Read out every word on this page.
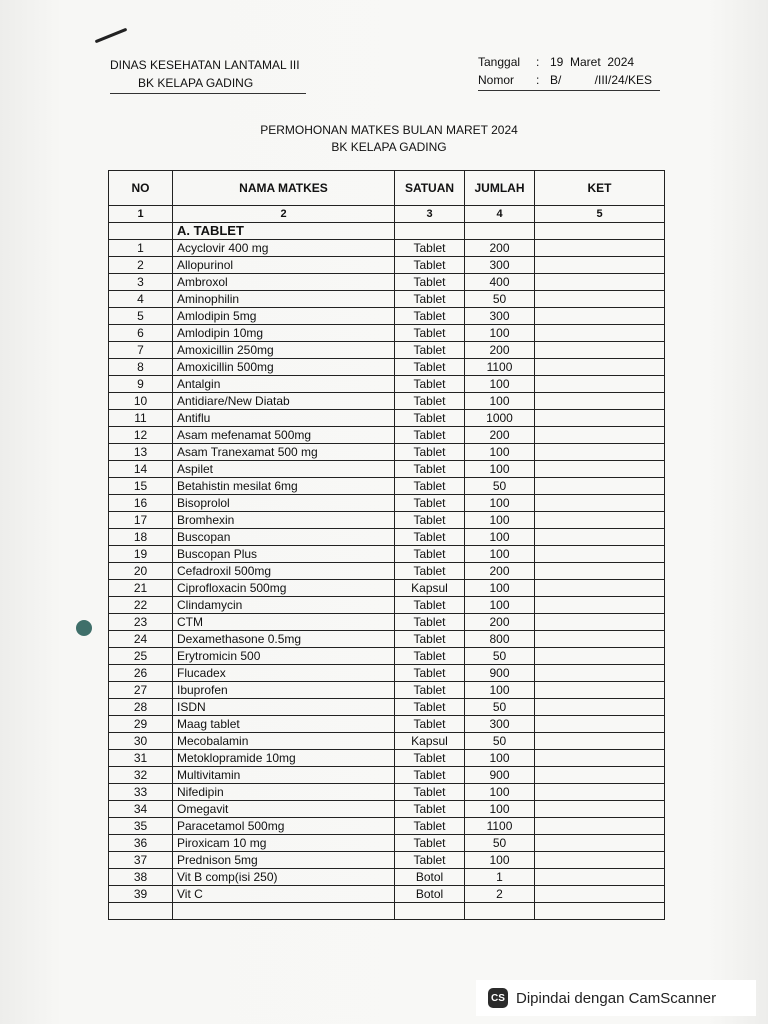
DINAS KESEHATAN LANTAMAL III
BK KELAPA GADING
Tanggal	: 19  Maret  2024
Nomor	: B/          /III/24/KES
PERMOHONAN MATKES BULAN MARET 2024
BK KELAPA GADING
NO	NAMA MATKES	SATUAN	JUMLAH	KET
1	2	3	4	5
	A. TABLET			
1	Acyclovir 400 mg	Tablet	200	
2	Allopurinol	Tablet	300	
3	Ambroxol	Tablet	400	
4	Aminophilin	Tablet	50	
5	Amlodipin 5mg	Tablet	300	
6	Amlodipin 10mg	Tablet	100	
7	Amoxicillin 250mg	Tablet	200	
8	Amoxicillin 500mg	Tablet	1100	
9	Antalgin	Tablet	100	
10	Antidiare/New Diatab	Tablet	100	
11	Antiflu	Tablet	1000	
12	Asam mefenamat 500mg	Tablet	200	
13	Asam Tranexamat 500 mg	Tablet	100	
14	Aspilet	Tablet	100	
15	Betahistin mesilat 6mg	Tablet	50	
16	Bisoprolol	Tablet	100	
17	Bromhexin	Tablet	100	
18	Buscopan	Tablet	100	
19	Buscopan Plus	Tablet	100	
20	Cefadroxil 500mg	Tablet	200	
21	Ciprofloxacin 500mg	Kapsul	100	
22	Clindamycin	Tablet	100	
23	CTM	Tablet	200	
24	Dexamethasone 0.5mg	Tablet	800	
25	Erytromicin 500	Tablet	50	
26	Flucadex	Tablet	900	
27	Ibuprofen	Tablet	100	
28	ISDN	Tablet	50	
29	Maag tablet	Tablet	300	
30	Mecobalamin	Kapsul	50	
31	Metoklopramide 10mg	Tablet	100	
32	Multivitamin	Tablet	900	
33	Nifedipin	Tablet	100	
34	Omegavit	Tablet	100	
35	Paracetamol 500mg	Tablet	1100	
36	Piroxicam 10 mg	Tablet	50	
37	Prednison 5mg	Tablet	100	
38	Vit B comp(isi 250)	Botol	1	
39	Vit C	Botol	2	

CS Dipindai dengan CamScanner
